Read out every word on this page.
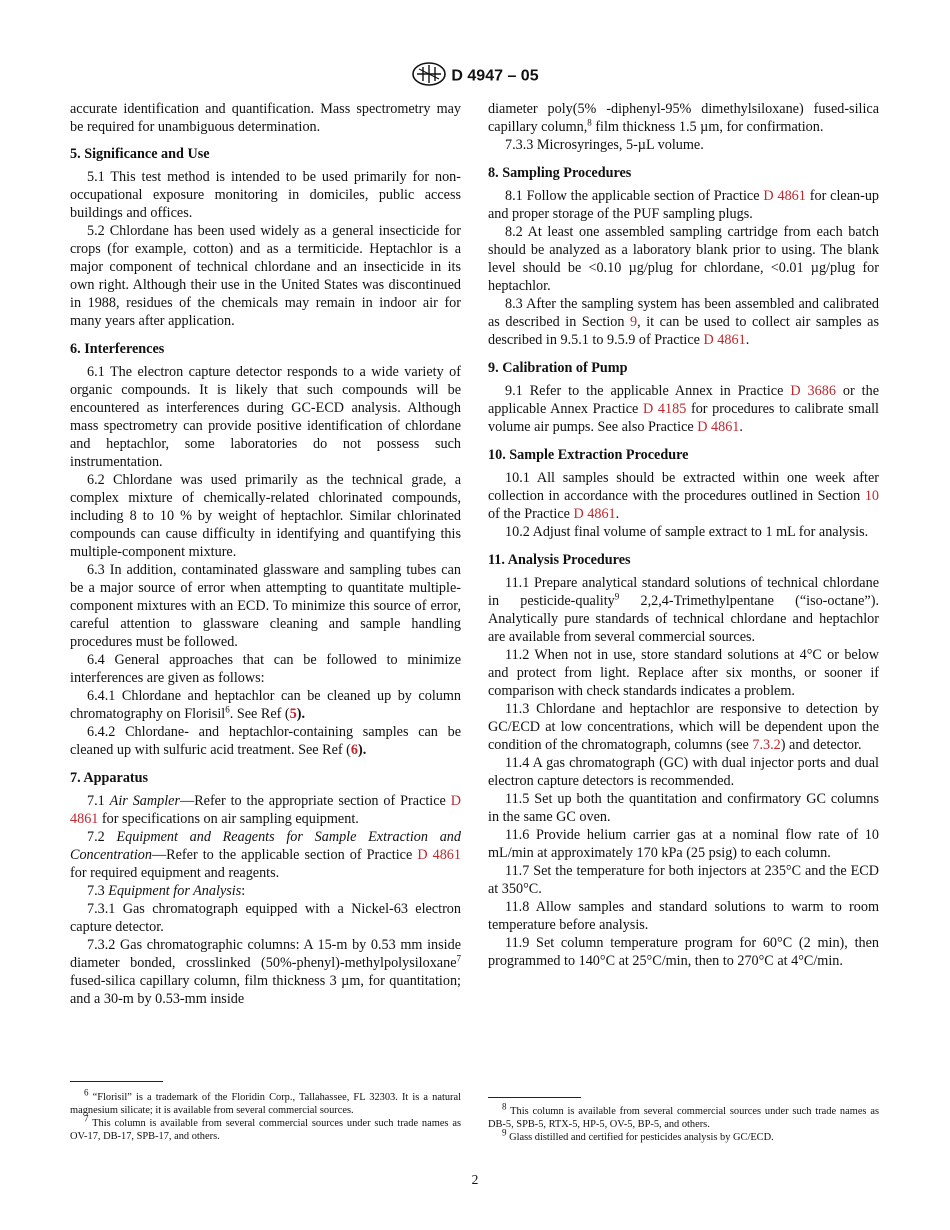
D 4947 – 05

accurate identification and quantification. Mass spectrometry may be required for unambiguous determination.

5. Significance and Use

5.1 This test method is intended to be used primarily for non-occupational exposure monitoring in domiciles, public access buildings and offices.

5.2 Chlordane has been used widely as a general insecticide for crops (for example, cotton) and as a termiticide. Heptachlor is a major component of technical chlordane and an insecticide in its own right. Although their use in the United States was discontinued in 1988, residues of the chemicals may remain in indoor air for many years after application.

6. Interferences

6.1 The electron capture detector responds to a wide variety of organic compounds. It is likely that such compounds will be encountered as interferences during GC-ECD analysis. Although mass spectrometry can provide positive identification of chlordane and heptachlor, some laboratories do not possess such instrumentation.

6.2 Chlordane was used primarily as the technical grade, a complex mixture of chemically-related chlorinated compounds, including 8 to 10 % by weight of heptachlor. Similar chlorinated compounds can cause difficulty in identifying and quantifying this multiple-component mixture.

6.3 In addition, contaminated glassware and sampling tubes can be a major source of error when attempting to quantitate multiple-component mixtures with an ECD. To minimize this source of error, careful attention to glassware cleaning and sample handling procedures must be followed.

6.4 General approaches that can be followed to minimize interferences are given as follows:

6.4.1 Chlordane and heptachlor can be cleaned up by column chromatography on Florisil$^6$. See Ref (5).

6.4.2 Chlordane- and heptachlor-containing samples can be cleaned up with sulfuric acid treatment. See Ref (6).

7. Apparatus

7.1 Air Sampler—Refer to the appropriate section of Practice D 4861 for specifications on air sampling equipment.

7.2 Equipment and Reagents for Sample Extraction and Concentration—Refer to the applicable section of Practice D 4861 for required equipment and reagents.

7.3 Equipment for Analysis:

7.3.1 Gas chromatograph equipped with a Nickel-63 electron capture detector.

7.3.2 Gas chromatographic columns: A 15-m by 0.53 mm inside diameter bonded, crosslinked (50%-phenyl)-methylpolysiloxane$^7$ fused-silica capillary column, film thickness 3 µm, for quantitation; and a 30-m by 0.53-mm inside

diameter poly(5% -diphenyl-95% dimethylsiloxane) fused-silica capillary column,$^8$ film thickness 1.5 µm, for confirmation.

7.3.3 Microsyringes, 5-µL volume.

8. Sampling Procedures

8.1 Follow the applicable section of Practice D 4861 for clean-up and proper storage of the PUF sampling plugs.

8.2 At least one assembled sampling cartridge from each batch should be analyzed as a laboratory blank prior to using. The blank level should be <0.10 µg/plug for chlordane, <0.01 µg/plug for heptachlor.

8.3 After the sampling system has been assembled and calibrated as described in Section 9, it can be used to collect air samples as described in 9.5.1 to 9.5.9 of Practice D 4861.

9. Calibration of Pump

9.1 Refer to the applicable Annex in Practice D 3686 or the applicable Annex Practice D 4185 for procedures to calibrate small volume air pumps. See also Practice D 4861.

10. Sample Extraction Procedure

10.1 All samples should be extracted within one week after collection in accordance with the procedures outlined in Section 10 of the Practice D 4861.

10.2 Adjust final volume of sample extract to 1 mL for analysis.

11. Analysis Procedures

11.1 Prepare analytical standard solutions of technical chlordane in pesticide-quality$^9$ 2,2,4-Trimethylpentane (“iso-octane”). Analytically pure standards of technical chlordane and heptachlor are available from several commercial sources.

11.2 When not in use, store standard solutions at 4°C or below and protect from light. Replace after six months, or sooner if comparison with check standards indicates a problem.

11.3 Chlordane and heptachlor are responsive to detection by GC/ECD at low concentrations, which will be dependent upon the condition of the chromatograph, columns (see 7.3.2) and detector.

11.4 A gas chromatograph (GC) with dual injector ports and dual electron capture detectors is recommended.

11.5 Set up both the quantitation and confirmatory GC columns in the same GC oven.

11.6 Provide helium carrier gas at a nominal flow rate of 10 mL/min at approximately 170 kPa (25 psig) to each column.

11.7 Set the temperature for both injectors at 235°C and the ECD at 350°C.

11.8 Allow samples and standard solutions to warm to room temperature before analysis.

11.9 Set column temperature program for 60°C (2 min), then programmed to 140°C at 25°C/min, then to 270°C at 4°C/min.

$^6$ “Florisil” is a trademark of the Floridin Corp., Tallahassee, FL 32303. It is a natural magnesium silicate; it is available from several commercial sources.

$^7$ This column is available from several commercial sources under such trade names as OV-17, DB-17, SPB-17, and others.

$^8$ This column is available from several commercial sources under such trade names as DB-5, SPB-5, RTX-5, HP-5, OV-5, BP-5, and others.

$^9$ Glass distilled and certified for pesticides analysis by GC/ECD.

2
